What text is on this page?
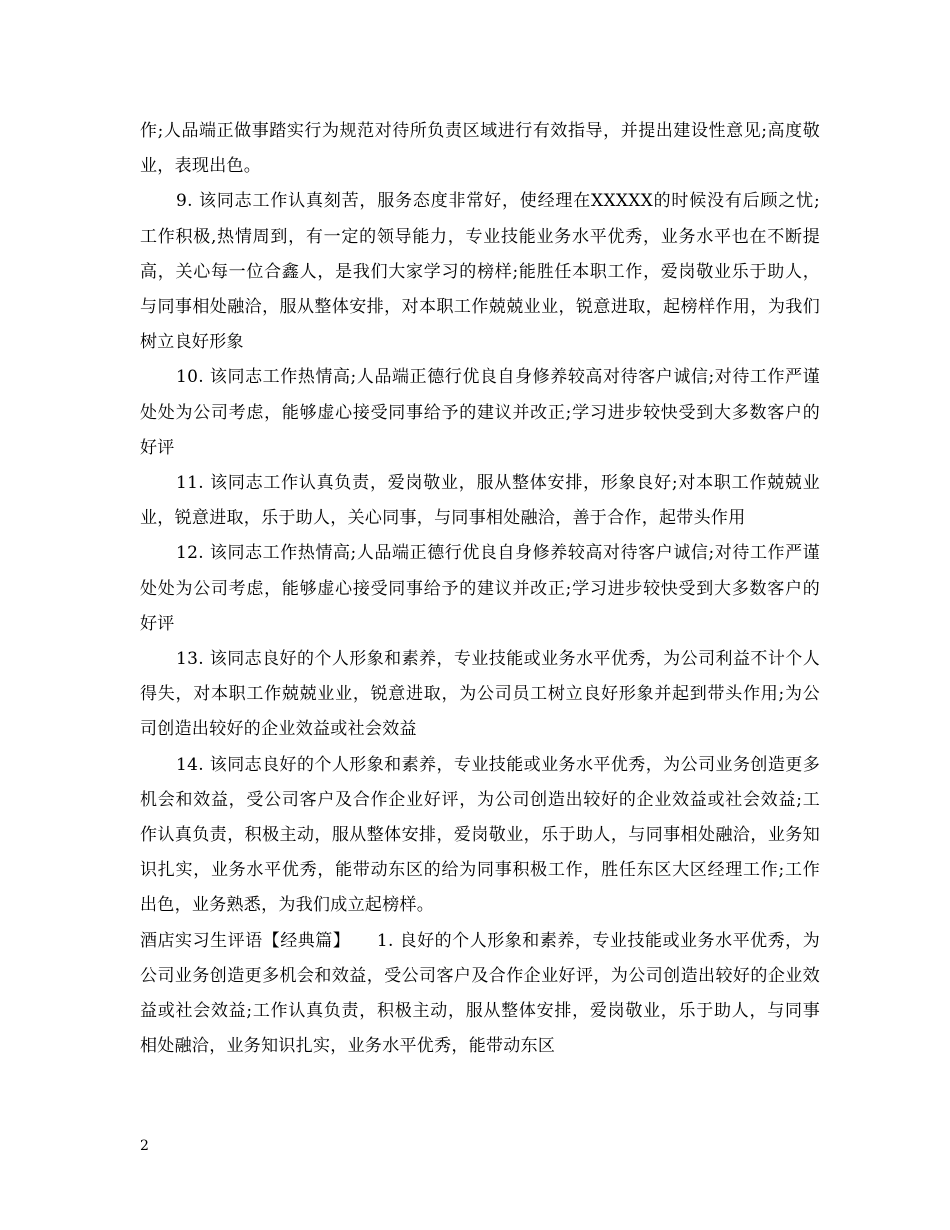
作;人品端正做事踏实行为规范对待所负责区域进行有效指导，并提出建设性意见;高度敬业，表现出色。

9. 该同志工作认真刻苦，服务态度非常好，使经理在XXXXX的时候没有后顾之忧;工作积极,热情周到，有一定的领导能力，专业技能业务水平优秀，业务水平也在不断提高，关心每一位合鑫人，是我们大家学习的榜样;能胜任本职工作，爱岗敬业乐于助人，与同事相处融洽，服从整体安排，对本职工作兢兢业业，锐意进取，起榜样作用，为我们树立良好形象

10. 该同志工作热情高;人品端正德行优良自身修养较高对待客户诚信;对待工作严谨处处为公司考虑，能够虚心接受同事给予的建议并改正;学习进步较快受到大多数客户的好评

11. 该同志工作认真负责，爱岗敬业，服从整体安排，形象良好;对本职工作兢兢业业，锐意进取，乐于助人，关心同事，与同事相处融洽，善于合作，起带头作用

12. 该同志工作热情高;人品端正德行优良自身修养较高对待客户诚信;对待工作严谨处处为公司考虑，能够虚心接受同事给予的建议并改正;学习进步较快受到大多数客户的好评

13. 该同志良好的个人形象和素养，专业技能或业务水平优秀，为公司利益不计个人得失，对本职工作兢兢业业，锐意进取，为公司员工树立良好形象并起到带头作用;为公司创造出较好的企业效益或社会效益

14. 该同志良好的个人形象和素养，专业技能或业务水平优秀，为公司业务创造更多机会和效益，受公司客户及合作企业好评，为公司创造出较好的企业效益或社会效益;工作认真负责，积极主动，服从整体安排，爱岗敬业，乐于助人，与同事相处融洽，业务知识扎实，业务水平优秀，能带动东区的给为同事积极工作，胜任东区大区经理工作;工作出色，业务熟悉，为我们成立起榜样。

酒店实习生评语【经典篇】　　1. 良好的个人形象和素养，专业技能或业务水平优秀，为公司业务创造更多机会和效益，受公司客户及合作企业好评，为公司创造出较好的企业效益或社会效益;工作认真负责，积极主动，服从整体安排，爱岗敬业，乐于助人，与同事相处融洽，业务知识扎实，业务水平优秀，能带动东区

2
